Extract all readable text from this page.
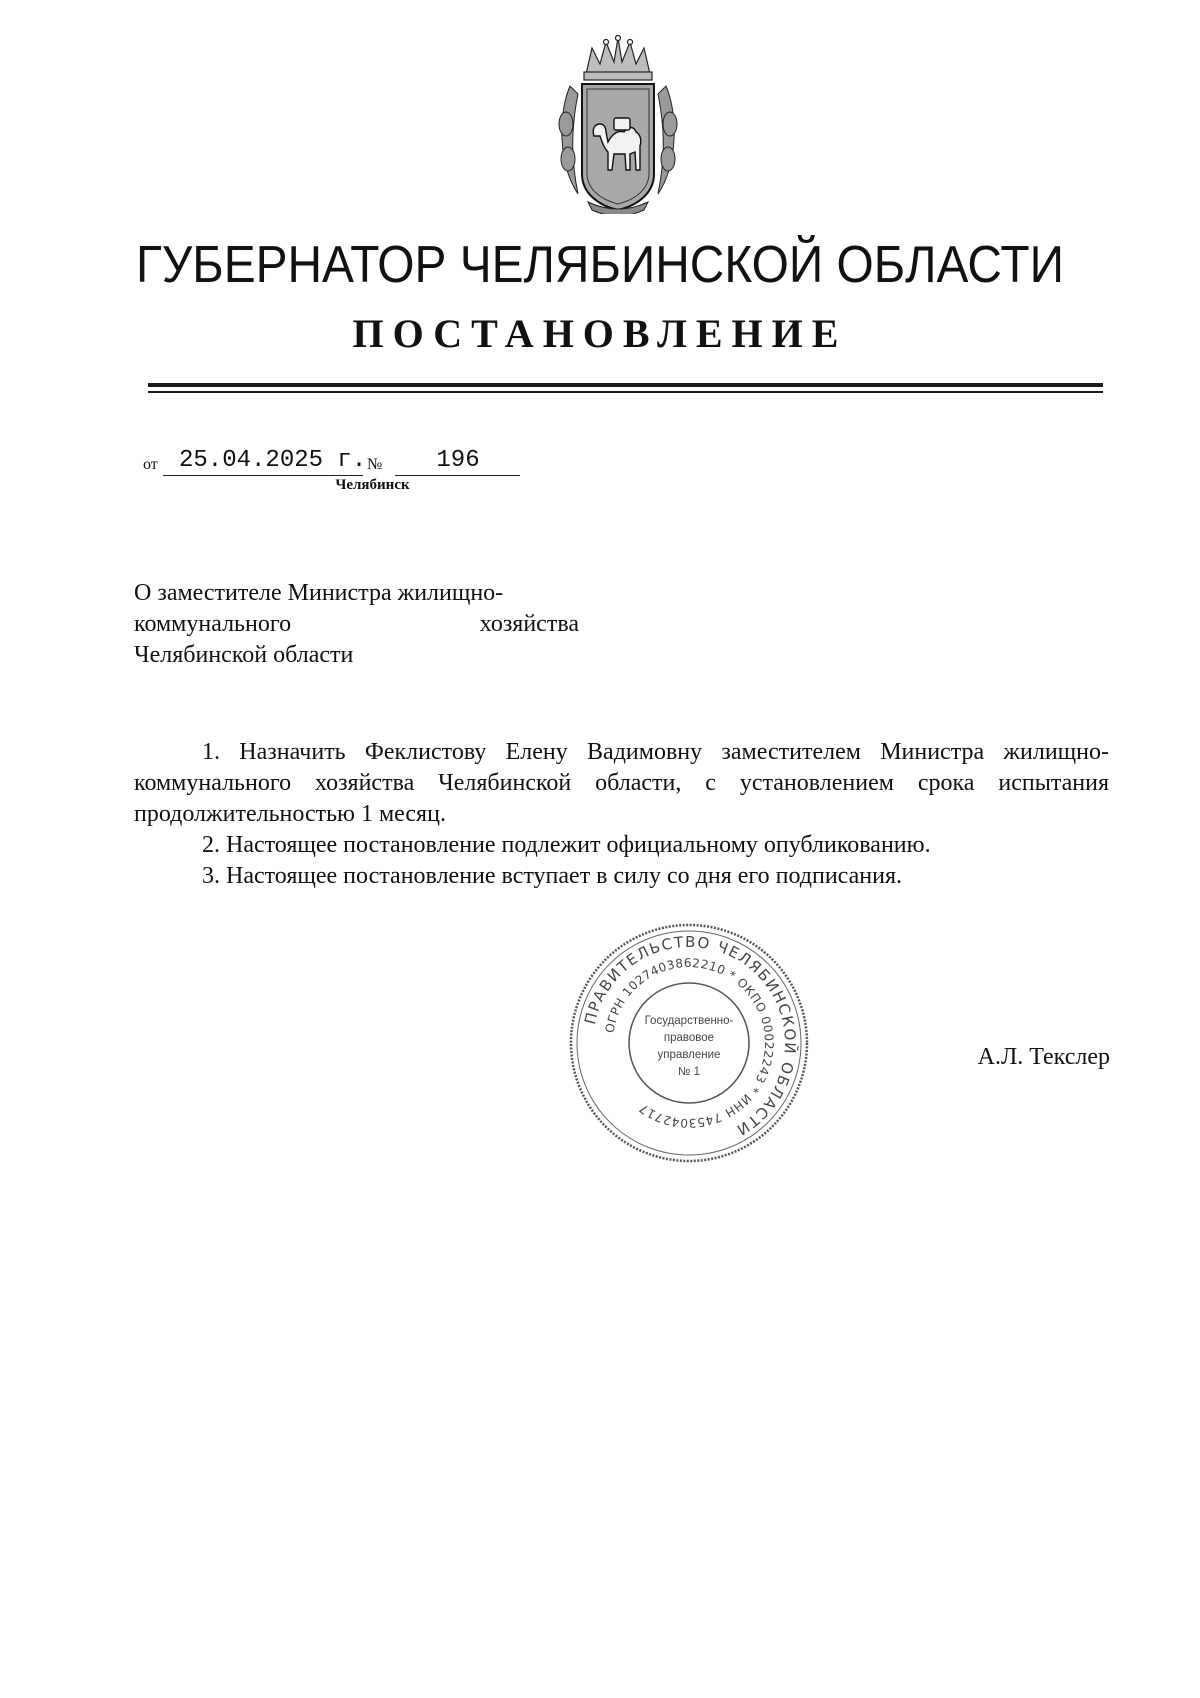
ГУБЕРНАТОР ЧЕЛЯБИНСКОЙ ОБЛАСТИ
ПОСТАНОВЛЕНИЕ
от 25.04.2025 г. №	196
Челябинск
О заместителе Министра жилищно-
коммунального хозяйства
Челябинской области

1. Назначить Феклистову Елену Вадимовну заместителем Министра жилищно-коммунального хозяйства Челябинской области, с установлением срока испытания продолжительностью 1 месяц.

2. Настоящее постановление подлежит официальному опубликованию.

3. Настоящее постановление вступает в силу со дня его подписания.

ПРАВИТЕЛЬСТВО ЧЕЛЯБИНСКОЙ ОБЛАСТИ
ОГРН 1027403862210 * ОКПО 00022243 * ИНН 7453042717
Государственно-
правовое
управление
№ 1
А.Л. Текслер
